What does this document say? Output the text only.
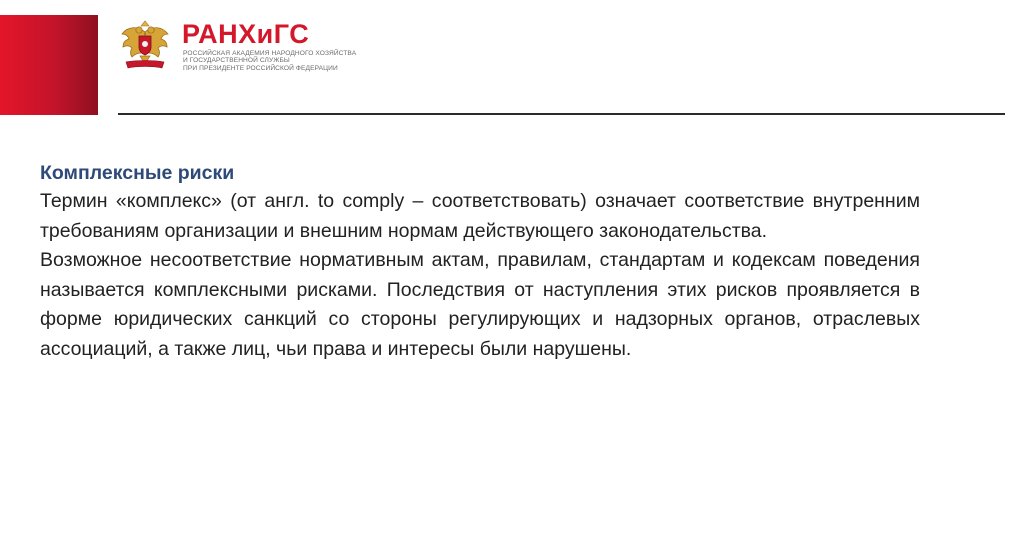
РАНХиГС
РОССИЙСКАЯ АКАДЕМИЯ НАРОДНОГО ХОЗЯЙСТВА
И ГОСУДАРСТВЕННОЙ СЛУЖБЫ
ПРИ ПРЕЗИДЕНТЕ РОССИЙСКОЙ ФЕДЕРАЦИИ
Комплексные риски

Термин «комплекс» (от англ. to comply – соответствовать) означает соответствие внутренним требованиям организации и внешним нормам действующего законодательства.

Возможное несоответствие нормативным актам, правилам, стандартам и кодексам поведения называется комплексными рисками. Последствия от наступления этих рисков проявляется в форме юридических санкций со стороны регулирующих и надзорных органов, отраслевых ассоциаций, а также лиц, чьи права и интересы были нарушены.
